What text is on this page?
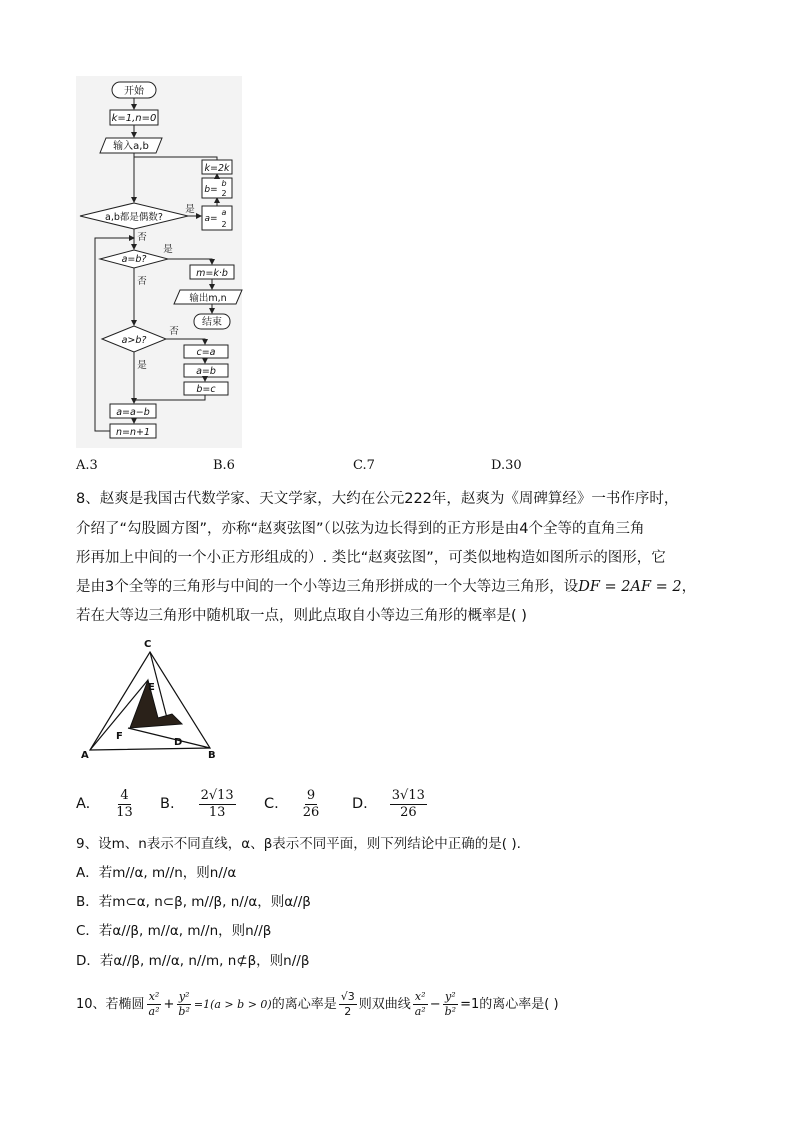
开始
k=1,n=0
输入a,b
k=2k
b=
b
2
a=
a
2
a,b都是偶数?
是
否
a=b?
是
否
m=k·b
输出m,n
结束
a>b?
否
是
c=a
a=b
b=c
a=a−b
n=n+1
A.3	B.6	C.7	D.30
8、赵爽是我国古代数学家、天文学家，大约在公元222年，赵爽为《周碑算经》一书作序时，
介绍了“勾股圆方图”，亦称“赵爽弦图”（以弦为边长得到的正方形是由4个全等的直角三角
形再加上中间的一个小正方形组成的）. 类比“赵爽弦图”，可类似地构造如图所示的图形，它
是由3个全等的三角形与中间的一个小等边三角形拼成的一个大等边三角形，设DF = 2AF = 2，
若在大等边三角形中随机取一点，则此点取自小等边三角形的概率是( )
C
E
F
D
A	B
A. $\frac{4}{13} B$. $\frac{2√13}{13} C$. $\frac{9}{26} D$. $\frac{3√13}{26}$
9、设m、n表示不同直线，α、β表示不同平面，则下列结论中正确的是( ).
A．若m//α, m//n，则n//α
B．若m⊂α, n⊂β, m//β, n//α，则α//β
C．若α//β, m//α, m//n，则n//β
D．若α//β, m//α, n//m, n⊄β，则n//β
10、若椭圆 $\frac{\text{x²}}{\text{a²}} + \frac{\text{y²}}{\text{b²}} =1(a > b > 0)$ 的离心率是 $\frac{√3}{2}$ 则双曲线 $\frac{\text{x²}}{\text{a²}} - \frac{\text{y²}}{\text{b²}} =1$ 的离心率是( )
